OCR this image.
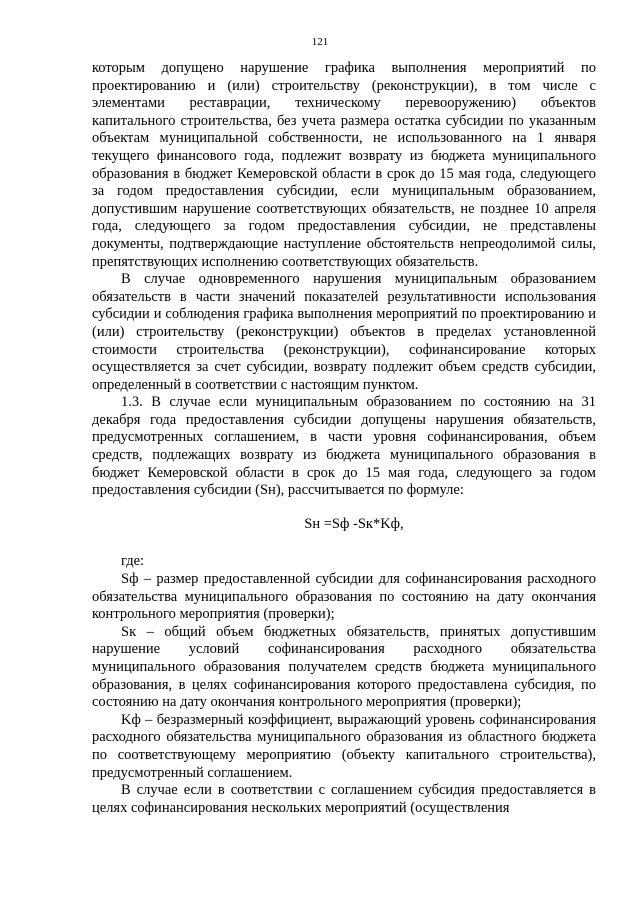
121

которым допущено нарушение графика выполнения мероприятий по проектированию и (или) строительству (реконструкции), в том числе с элементами реставрации, техническому перевооружению) объектов капитального строительства, без учета размера остатка субсидии по указанным объектам муниципальной собственности, не использованного на 1 января текущего финансового года, подлежит возврату из бюджета муниципального образования в бюджет Кемеровской области в срок до 15 мая года, следующего за годом предоставления субсидии, если муниципальным образованием, допустившим нарушение соответствующих обязательств, не позднее 10 апреля года, следующего за годом предоставления субсидии, не представлены документы, подтверждающие наступление обстоятельств непреодолимой силы, препятствующих исполнению соответствующих обязательств.

В случае одновременного нарушения муниципальным образованием обязательств в части значений показателей результативности использования субсидии и соблюдения графика выполнения мероприятий по проектированию и (или) строительству (реконструкции) объектов в пределах установленной стоимости строительства (реконструкции), софинансирование которых осуществляется за счет субсидии, возврату подлежит объем средств субсидии, определенный в соответствии с настоящим пунктом.

1.3. В случае если муниципальным образованием по состоянию на 31 декабря года предоставления субсидии допущены нарушения обязательств, предусмотренных соглашением, в части уровня софинансирования, объем средств, подлежащих возврату из бюджета муниципального образования в бюджет Кемеровской области в срок до 15 мая года, следующего за годом предоставления субсидии (Sн), рассчитывается по формуле:

Sн =Sф -Sк*Kф,

где:

Sф – размер предоставленной субсидии для софинансирования расходного обязательства муниципального образования по состоянию на дату окончания контрольного мероприятия (проверки);

Sк – общий объем бюджетных обязательств, принятых допустившим нарушение условий софинансирования расходного обязательства муниципального образования получателем средств бюджета муниципального образования, в целях софинансирования которого предоставлена субсидия, по состоянию на дату окончания контрольного мероприятия (проверки);

Kф – безразмерный коэффициент, выражающий уровень софинансирования расходного обязательства муниципального образования из областного бюджета по соответствующему мероприятию (объекту капитального строительства), предусмотренный соглашением.

В случае если в соответствии с соглашением субсидия предоставляется в целях софинансирования нескольких мероприятий (осуществления
